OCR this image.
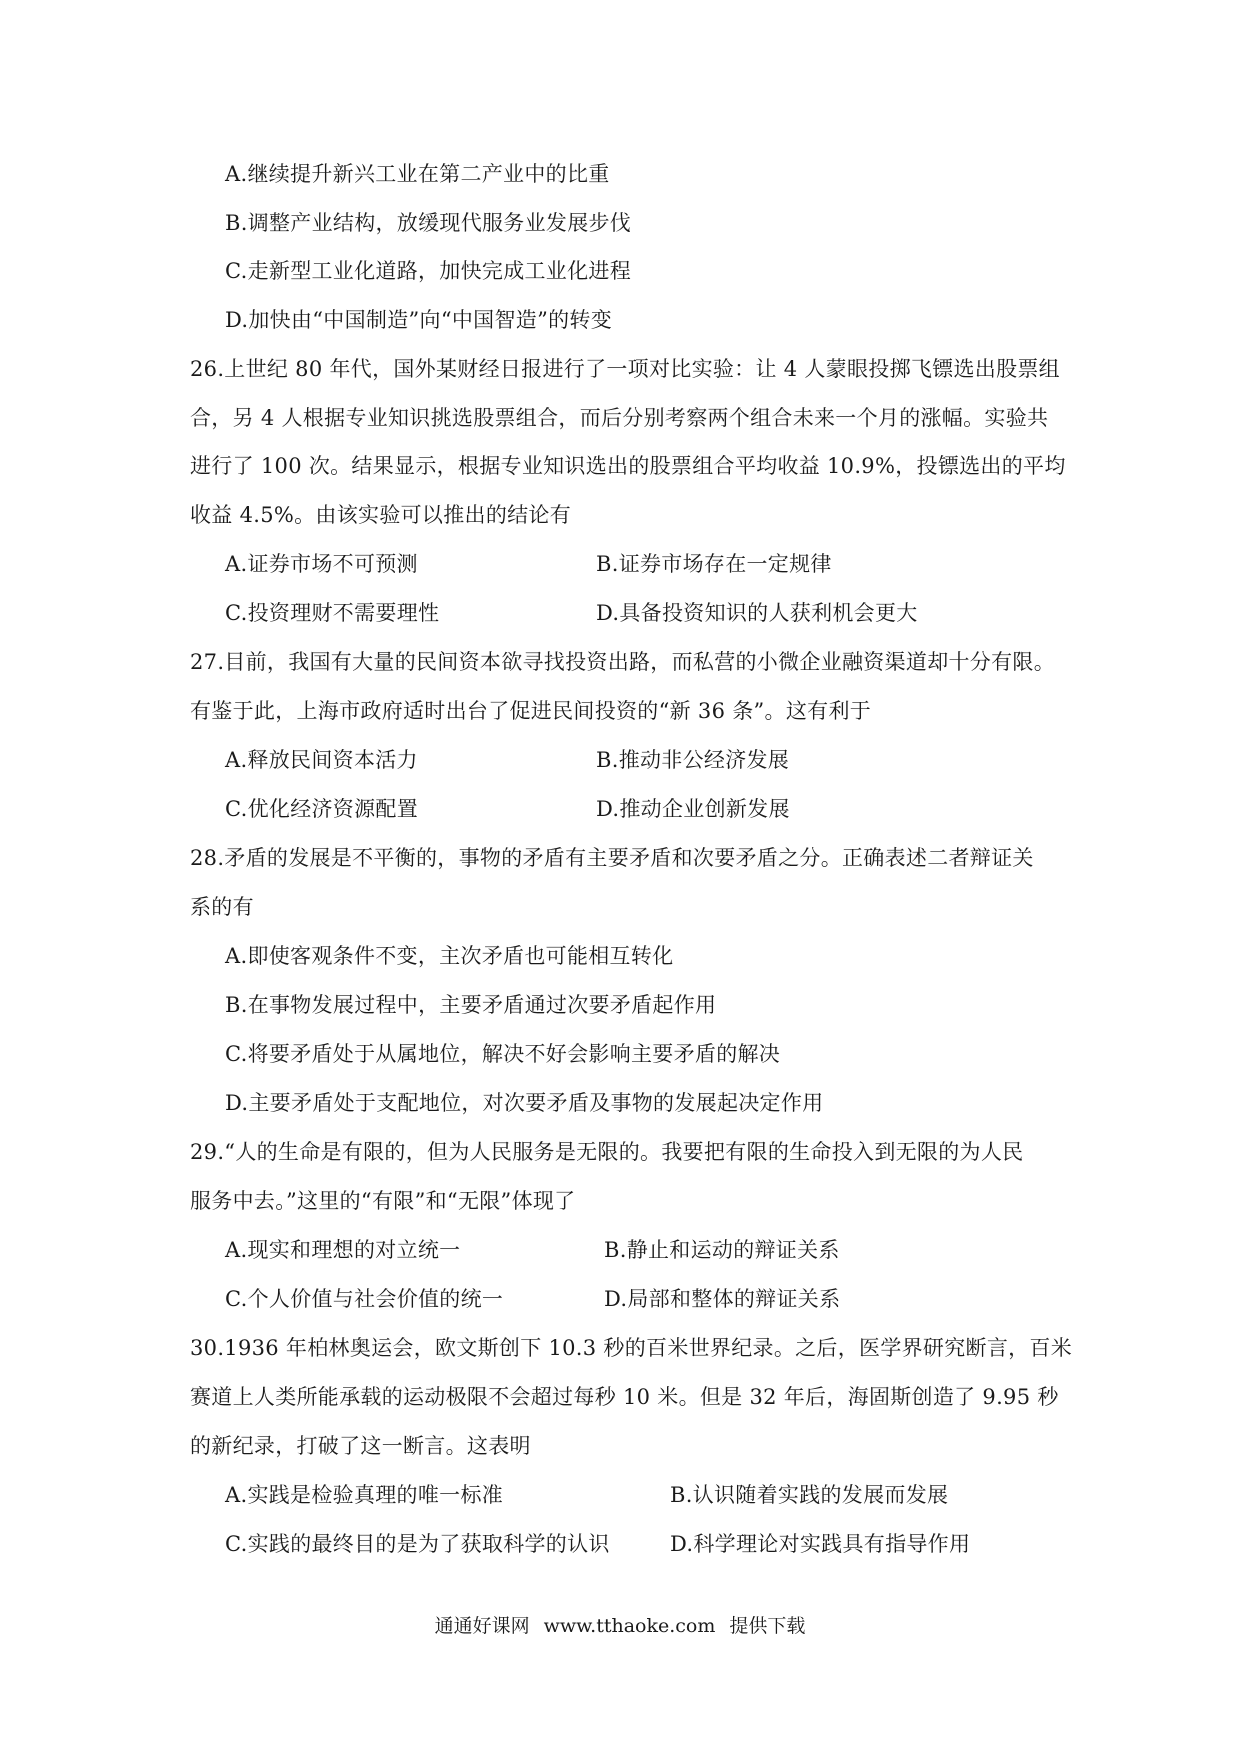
A.继续提升新兴工业在第二产业中的比重
B.调整产业结构，放缓现代服务业发展步伐
C.走新型工业化道路，加快完成工业化进程
D.加快由“中国制造”向“中国智造”的转变
26.上世纪 80 年代，国外某财经日报进行了一项对比实验：让 4 人蒙眼投掷飞镖选出股票组
合，另 4 人根据专业知识挑选股票组合，而后分别考察两个组合未来一个月的涨幅。实验共
进行了 100 次。结果显示，根据专业知识选出的股票组合平均收益 10.9%，投镖选出的平均
收益 4.5%。由该实验可以推出的结论有
A.证券市场不可预测	B.证券市场存在一定规律
C.投资理财不需要理性	D.具备投资知识的人获利机会更大
27.目前，我国有大量的民间资本欲寻找投资出路，而私营的小微企业融资渠道却十分有限。
有鉴于此，上海市政府适时出台了促进民间投资的“新 36 条”。这有利于
A.释放民间资本活力	B.推动非公经济发展
C.优化经济资源配置	D.推动企业创新发展
28.矛盾的发展是不平衡的，事物的矛盾有主要矛盾和次要矛盾之分。正确表述二者辩证关
系的有
A.即使客观条件不变，主次矛盾也可能相互转化
B.在事物发展过程中，主要矛盾通过次要矛盾起作用
C.将要矛盾处于从属地位，解决不好会影响主要矛盾的解决
D.主要矛盾处于支配地位，对次要矛盾及事物的发展起决定作用
29.“人的生命是有限的，但为人民服务是无限的。我要把有限的生命投入到无限的为人民
服务中去。”这里的“有限”和“无限”体现了
A.现实和理想的对立统一	B.静止和运动的辩证关系
C.个人价值与社会价值的统一	D.局部和整体的辩证关系
30.1936 年柏林奥运会，欧文斯创下 10.3 秒的百米世界纪录。之后，医学界研究断言，百米
赛道上人类所能承载的运动极限不会超过每秒 10 米。但是 32 年后，海固斯创造了 9.95 秒
的新纪录，打破了这一断言。这表明
A.实践是检验真理的唯一标准	B.认识随着实践的发展而发展
C.实践的最终目的是为了获取科学的认识	D.科学理论对实践具有指导作用
通通好课网 www.tthaoke.com 提供下载
